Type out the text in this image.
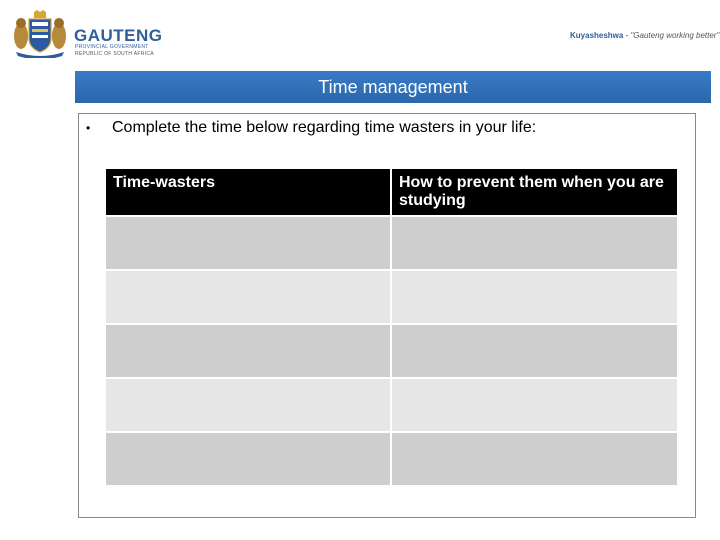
GAUTENG
PROVINCIAL GOVERNMENT
REPUBLIC OF SOUTH AFRICA
Kuyasheshwa - "Gauteng working better"
Time management
• Complete the time below regarding time wasters in your life:
Time-wasters	How to prevent them when you are studying
